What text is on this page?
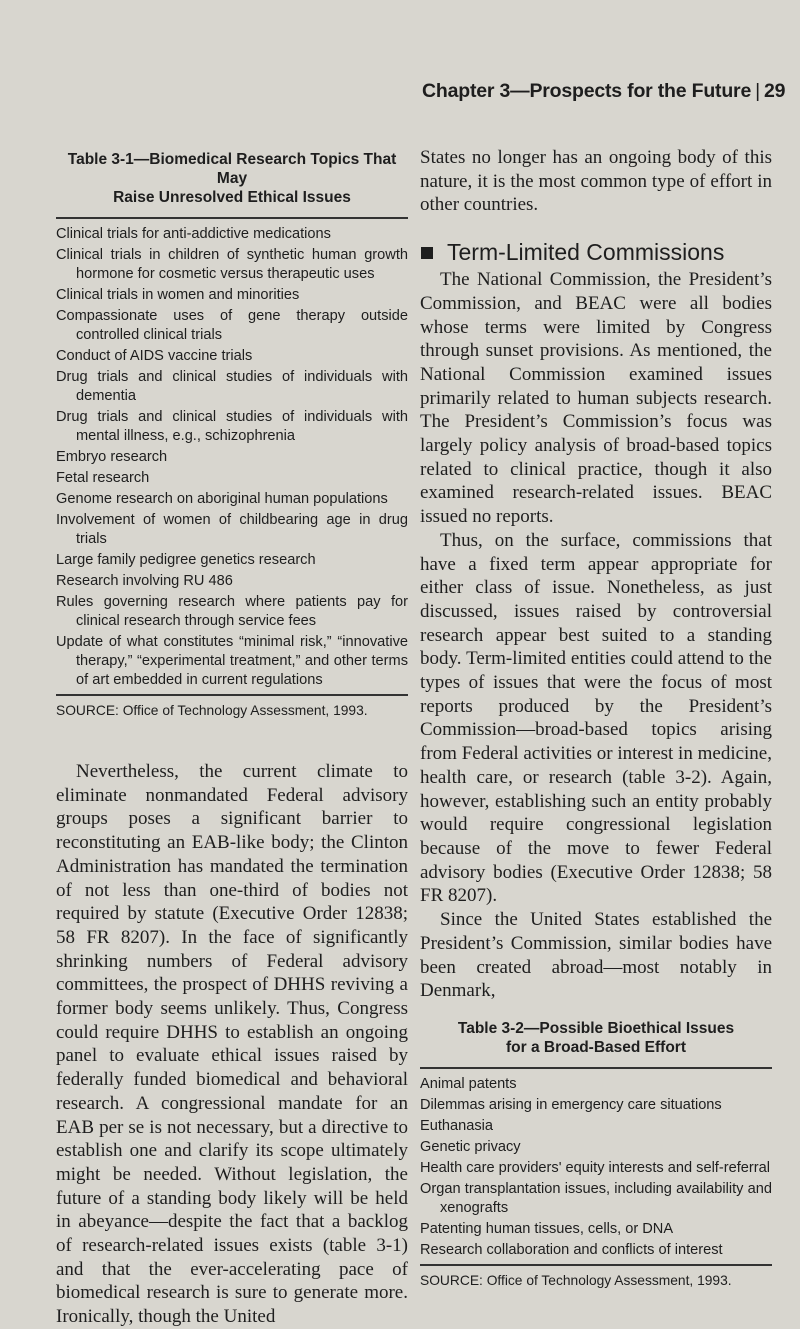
Chapter 3—Prospects for the Future | 29

Table 3-1—Biomedical Research Topics That May
Raise Unresolved Ethical Issues

Clinical trials for anti-addictive medications
Clinical trials in children of synthetic human growth hormone for cosmetic versus therapeutic uses
Clinical trials in women and minorities
Compassionate uses of gene therapy outside controlled clinical trials
Conduct of AIDS vaccine trials
Drug trials and clinical studies of individuals with dementia
Drug trials and clinical studies of individuals with mental illness, e.g., schizophrenia
Embryo research
Fetal research
Genome research on aboriginal human populations
Involvement of women of childbearing age in drug trials
Large family pedigree genetics research
Research involving RU 486
Rules governing research where patients pay for clinical research through service fees
Update of what constitutes “minimal risk,” “innovative therapy,” “experimental treatment,” and other terms of art embedded in current regulations

SOURCE: Office of Technology Assessment, 1993.

Nevertheless, the current climate to eliminate nonmandated Federal advisory groups poses a significant barrier to reconstituting an EAB-like body; the Clinton Administration has mandated the termination of not less than one-third of bodies not required by statute (Executive Order 12838; 58 FR 8207). In the face of significantly shrinking numbers of Federal advisory committees, the prospect of DHHS reviving a former body seems unlikely. Thus, Congress could require DHHS to establish an ongoing panel to evaluate ethical issues raised by federally funded biomedical and behavioral research. A congressional mandate for an EAB per se is not necessary, but a directive to establish one and clarify its scope ultimately might be needed. Without legislation, the future of a standing body likely will be held in abeyance—despite the fact that a backlog of research-related issues exists (table 3-1) and that the ever-accelerating pace of biomedical research is sure to generate more. Ironically, though the United

States no longer has an ongoing body of this nature, it is the most common type of effort in other countries.

Term-Limited Commissions

The National Commission, the President’s Commission, and BEAC were all bodies whose terms were limited by Congress through sunset provisions. As mentioned, the National Commission examined issues primarily related to human subjects research. The President’s Commission’s focus was largely policy analysis of broad-based topics related to clinical practice, though it also examined research-related issues. BEAC issued no reports.

Thus, on the surface, commissions that have a fixed term appear appropriate for either class of issue. Nonetheless, as just discussed, issues raised by controversial research appear best suited to a standing body. Term-limited entities could attend to the types of issues that were the focus of most reports produced by the President’s Commission—broad-based topics arising from Federal activities or interest in medicine, health care, or research (table 3-2). Again, however, establishing such an entity probably would require congressional legislation because of the move to fewer Federal advisory bodies (Executive Order 12838; 58 FR 8207).

Since the United States established the President’s Commission, similar bodies have been created abroad—most notably in Denmark,

Table 3-2—Possible Bioethical Issues
for a Broad-Based Effort

Animal patents
Dilemmas arising in emergency care situations
Euthanasia
Genetic privacy
Health care providers' equity interests and self-referral
Organ transplantation issues, including availability and xenografts
Patenting human tissues, cells, or DNA
Research collaboration and conflicts of interest

SOURCE: Office of Technology Assessment, 1993.
